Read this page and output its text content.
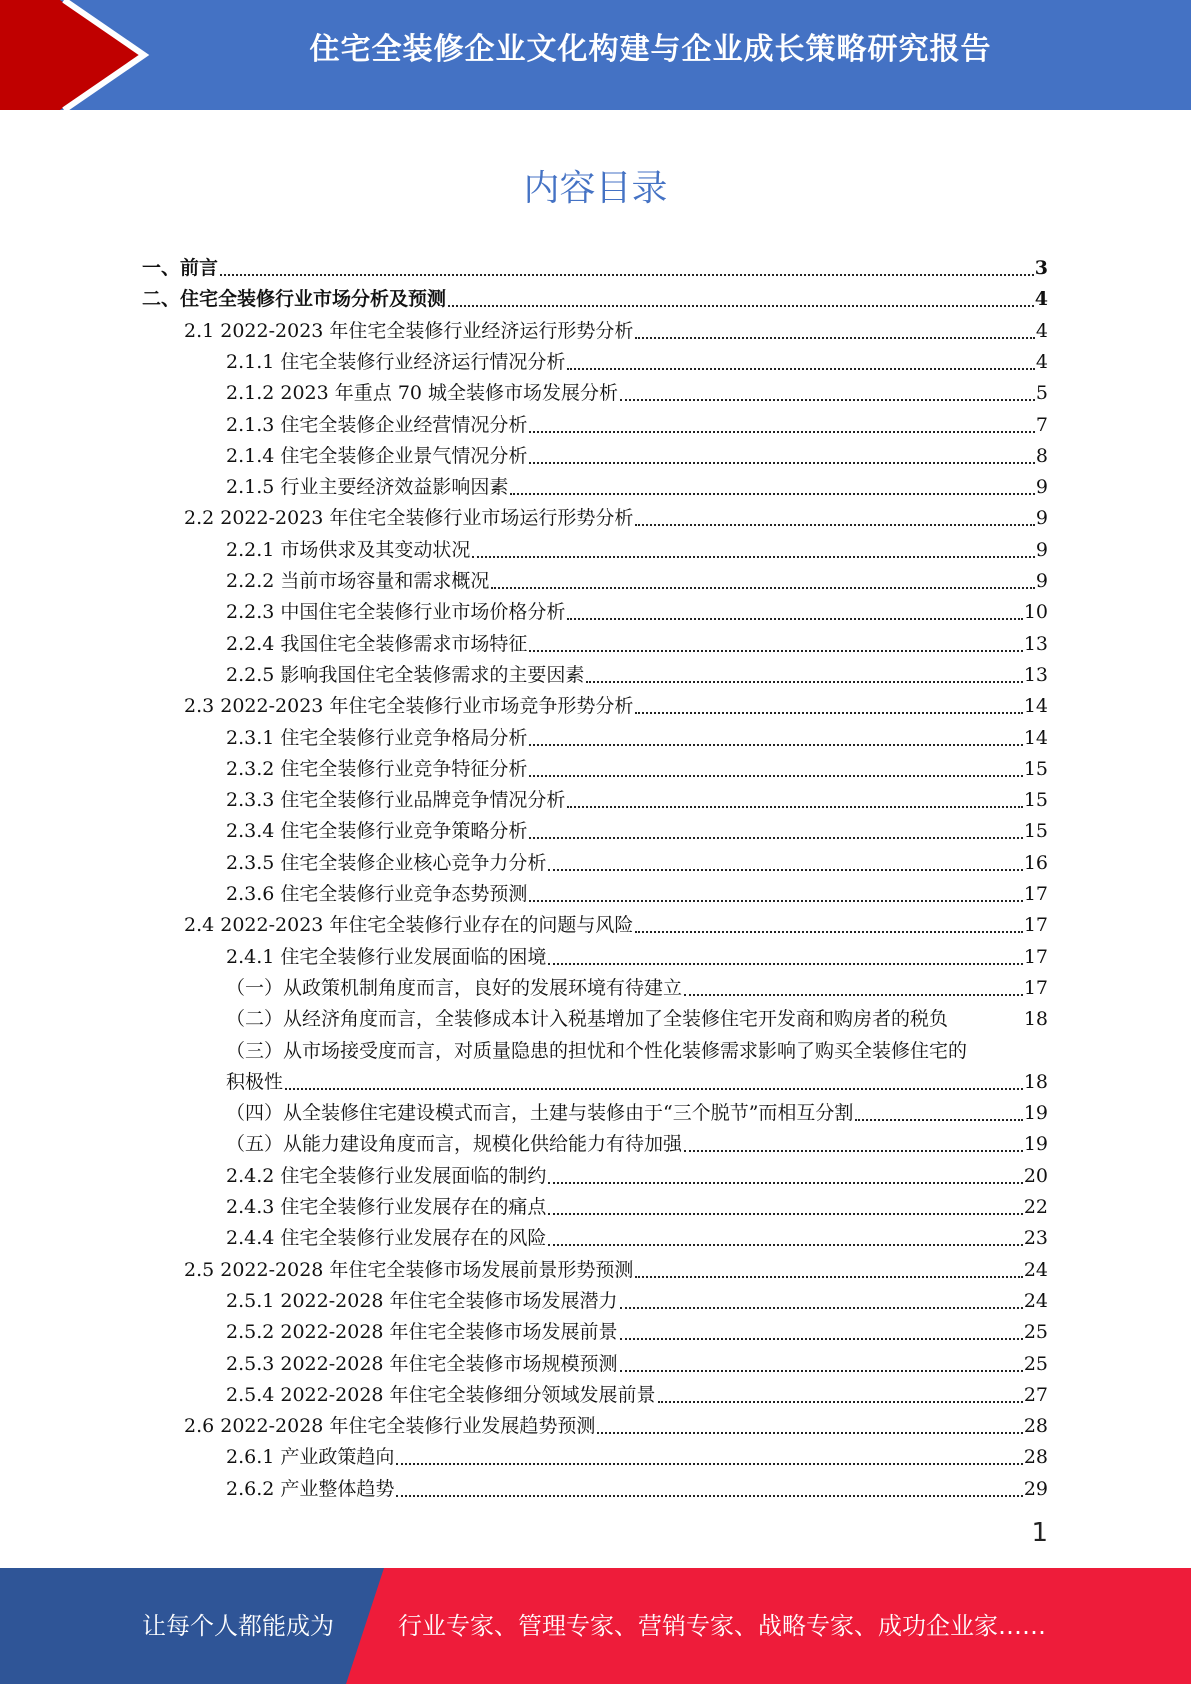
住宅全装修企业文化构建与企业成长策略研究报告
内容目录
一、前言	3
二、住宅全装修行业市场分析及预测	4
2.1 2022-2023 年住宅全装修行业经济运行形势分析	4
2.1.1 住宅全装修行业经济运行情况分析	4
2.1.2 2023 年重点 70 城全装修市场发展分析	5
2.1.3 住宅全装修企业经营情况分析	7
2.1.4 住宅全装修企业景气情况分析	8
2.1.5 行业主要经济效益影响因素	9
2.2 2022-2023 年住宅全装修行业市场运行形势分析	9
2.2.1 市场供求及其变动状况	9
2.2.2 当前市场容量和需求概况	9
2.2.3 中国住宅全装修行业市场价格分析	10
2.2.4 我国住宅全装修需求市场特征	13
2.2.5 影响我国住宅全装修需求的主要因素	13
2.3 2022-2023 年住宅全装修行业市场竞争形势分析	14
2.3.1 住宅全装修行业竞争格局分析	14
2.3.2 住宅全装修行业竞争特征分析	15
2.3.3 住宅全装修行业品牌竞争情况分析	15
2.3.4 住宅全装修行业竞争策略分析	15
2.3.5 住宅全装修企业核心竞争力分析	16
2.3.6 住宅全装修行业竞争态势预测	17
2.4 2022-2023 年住宅全装修行业存在的问题与风险	17
2.4.1 住宅全装修行业发展面临的困境	17
（一）从政策机制角度而言，良好的发展环境有待建立	17
（二）从经济角度而言，全装修成本计入税基增加了全装修住宅开发商和购房者的税负	18
（三）从市场接受度而言，对质量隐患的担忧和个性化装修需求影响了购买全装修住宅的
积极性	18
（四）从全装修住宅建设模式而言，土建与装修由于“三个脱节”而相互分割	19
（五）从能力建设角度而言，规模化供给能力有待加强	19
2.4.2 住宅全装修行业发展面临的制约	20
2.4.3 住宅全装修行业发展存在的痛点	22
2.4.4 住宅全装修行业发展存在的风险	23
2.5 2022-2028 年住宅全装修市场发展前景形势预测	24
2.5.1 2022-2028 年住宅全装修市场发展潜力	24
2.5.2 2022-2028 年住宅全装修市场发展前景	25
2.5.3 2022-2028 年住宅全装修市场规模预测	25
2.5.4 2022-2028 年住宅全装修细分领域发展前景	27
2.6 2022-2028 年住宅全装修行业发展趋势预测	28
2.6.1 产业政策趋向	28
2.6.2 产业整体趋势	29
1
让每个人都能成为	行业专家、管理专家、营销专家、战略专家、成功企业家……
